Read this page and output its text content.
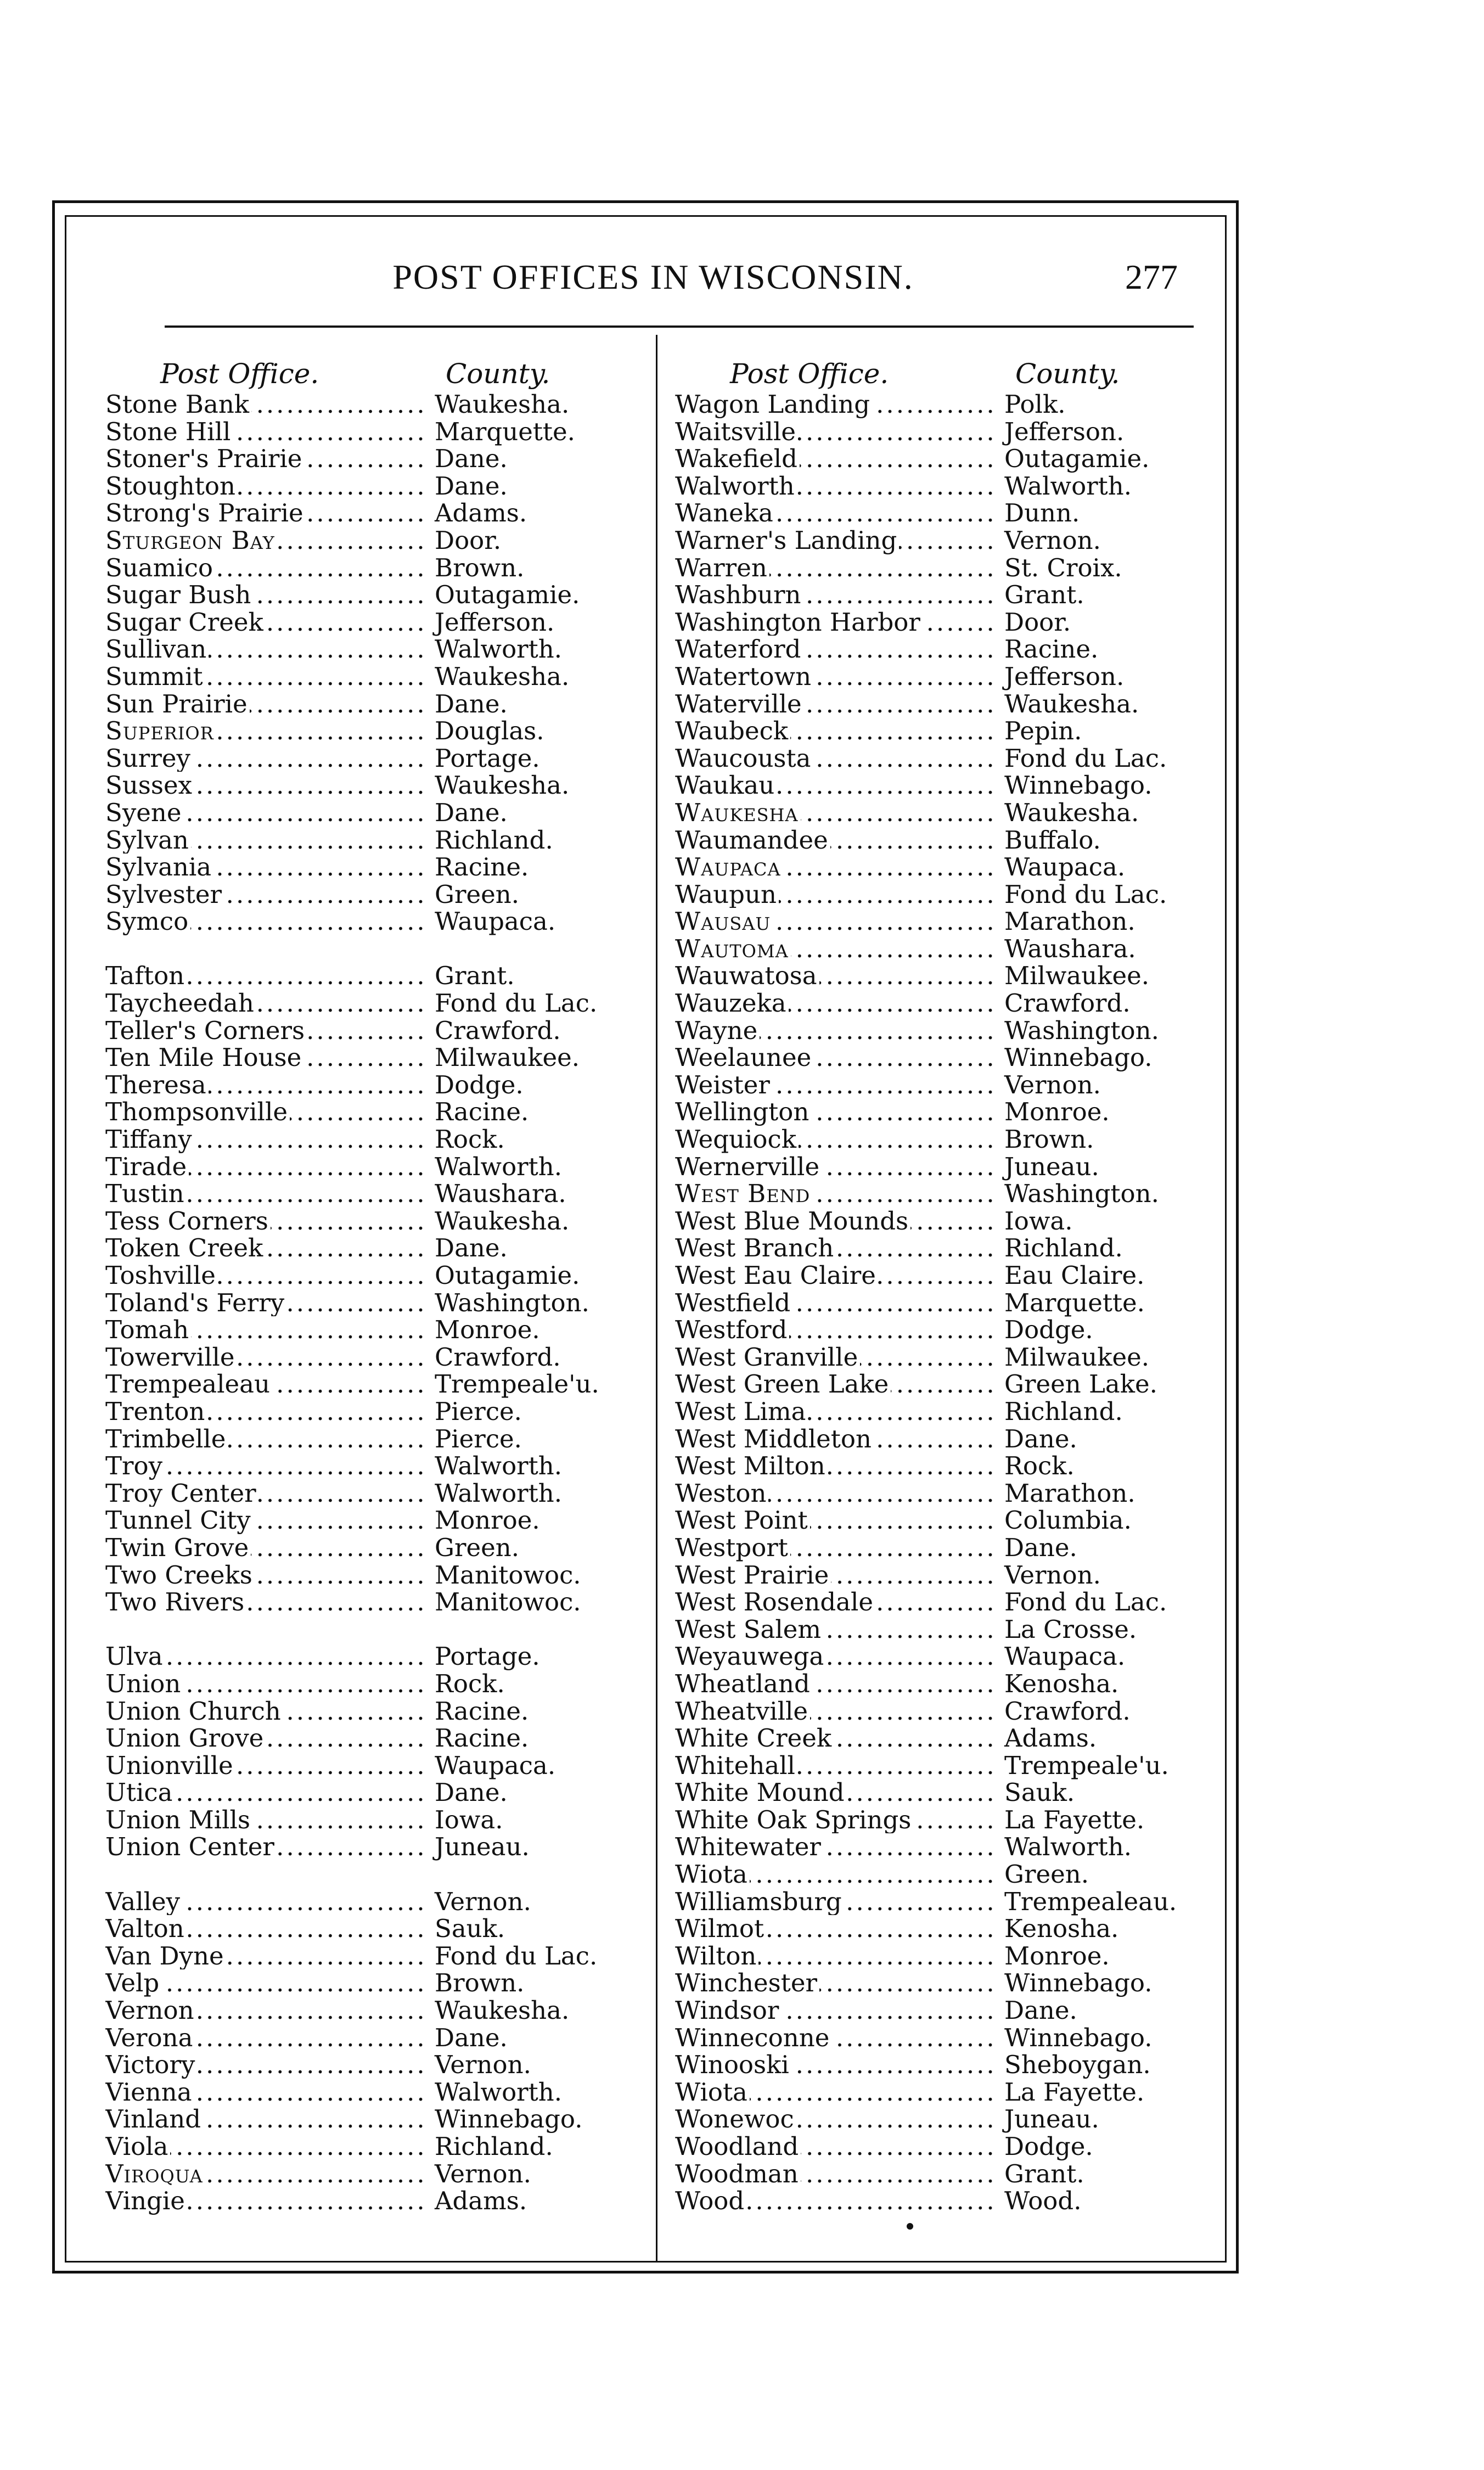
POST OFFICES IN WISCONSIN.	277
Post Office.	County.
Stone Bank .....	Waukesha.
Stone Hill .....	Marquette.
Stoner's Prairie .....	Dane.
Stoughton .....	Dane.
Strong's Prairie .....	Adams.
Sturgeon Bay .....	Door.
Suamico .....	Brown.
Sugar Bush .....	Outagamie.
Sugar Creek .....	Jefferson.
Sullivan .....	Walworth.
Summit .....	Waukesha.
Sun Prairie .....	Dane.
Superior .....	Douglas.
Surrey .....	Portage.
Sussex .....	Waukesha.
Syene .....	Dane.
Sylvan .....	Richland.
Sylvania .....	Racine.
Sylvester .....	Green.
Symco .....	Waupaca.
Tafton .....	Grant.
Taycheedah .....	Fond du Lac.
Teller's Corners .....	Crawford.
Ten Mile House .....	Milwaukee.
Theresa .....	Dodge.
Thompsonville .....	Racine.
Tiffany .....	Rock.
Tirade .....	Walworth.
Tustin .....	Waushara.
Tess Corners .....	Waukesha.
Token Creek .....	Dane.
Toshville .....	Outagamie.
Toland's Ferry .....	Washington.
Tomah .....	Monroe.
Towerville .....	Crawford.
Trempealeau .....	Trempeale'u.
Trenton .....	Pierce.
Trimbelle .....	Pierce.
Troy .....	Walworth.
Troy Center .....	Walworth.
Tunnel City .....	Monroe.
Twin Grove .....	Green.
Two Creeks .....	Manitowoc.
Two Rivers .....	Manitowoc.
Ulva .....	Portage.
Union .....	Rock.
Union Church .....	Racine.
Union Grove .....	Racine.
Unionville .....	Waupaca.
Utica .....	Dane.
Union Mills .....	Iowa.
Union Center .....	Juneau.
Valley .....	Vernon.
Valton .....	Sauk.
Van Dyne .....	Fond du Lac.
Velp .....	Brown.
Vernon .....	Waukesha.
Verona .....	Dane.
Victory .....	Vernon.
Vienna .....	Walworth.
Vinland .....	Winnebago.
Viola .....	Richland.
Viroqua .....	Vernon.
Vingie .....	Adams.
Post Office.	County.
Wagon Landing .....	Polk.
Waitsville .....	Jefferson.
Wakefield .....	Outagamie.
Walworth .....	Walworth.
Waneka .....	Dunn.
Warner's Landing .....	Vernon.
Warren .....	St. Croix.
Washburn .....	Grant.
Washington Harbor .....	Door.
Waterford .....	Racine.
Watertown .....	Jefferson.
Waterville .....	Waukesha.
Waubeck .....	Pepin.
Waucousta .....	Fond du Lac.
Waukau .....	Winnebago.
Waukesha .....	Waukesha.
Waumandee .....	Buffalo.
Waupaca .....	Waupaca.
Waupun .....	Fond du Lac.
Wausau .....	Marathon.
Wautoma .....	Waushara.
Wauwatosa .....	Milwaukee.
Wauzeka .....	Crawford.
Wayne .....	Washington.
Weelaunee .....	Winnebago.
Weister .....	Vernon.
Wellington .....	Monroe.
Wequiock .....	Brown.
Wernerville .....	Juneau.
West Bend .....	Washington.
West Blue Mounds .....	Iowa.
West Branch .....	Richland.
West Eau Claire .....	Eau Claire.
Westfield .....	Marquette.
Westford .....	Dodge.
West Granville .....	Milwaukee.
West Green Lake .....	Green Lake.
West Lima .....	Richland.
West Middleton .....	Dane.
West Milton .....	Rock.
Weston .....	Marathon.
West Point .....	Columbia.
Westport .....	Dane.
West Prairie .....	Vernon.
West Rosendale .....	Fond du Lac.
West Salem .....	La Crosse.
Weyauwega .....	Waupaca.
Wheatland .....	Kenosha.
Wheatville .....	Crawford.
White Creek .....	Adams.
Whitehall .....	Trempeale'u.
White Mound .....	Sauk.
White Oak Springs .....	La Fayette.
Whitewater .....	Walworth.
Wiota .....	Green.
Williamsburg .....	Trempealeau.
Wilmot .....	Kenosha.
Wilton .....	Monroe.
Winchester .....	Winnebago.
Windsor .....	Dane.
Winneconne .....	Winnebago.
Winooski .....	Sheboygan.
Wiota .....	La Fayette.
Wonewoc .....	Juneau.
Woodland .....	Dodge.
Woodman .....	Grant.
Wood .....	Wood.
